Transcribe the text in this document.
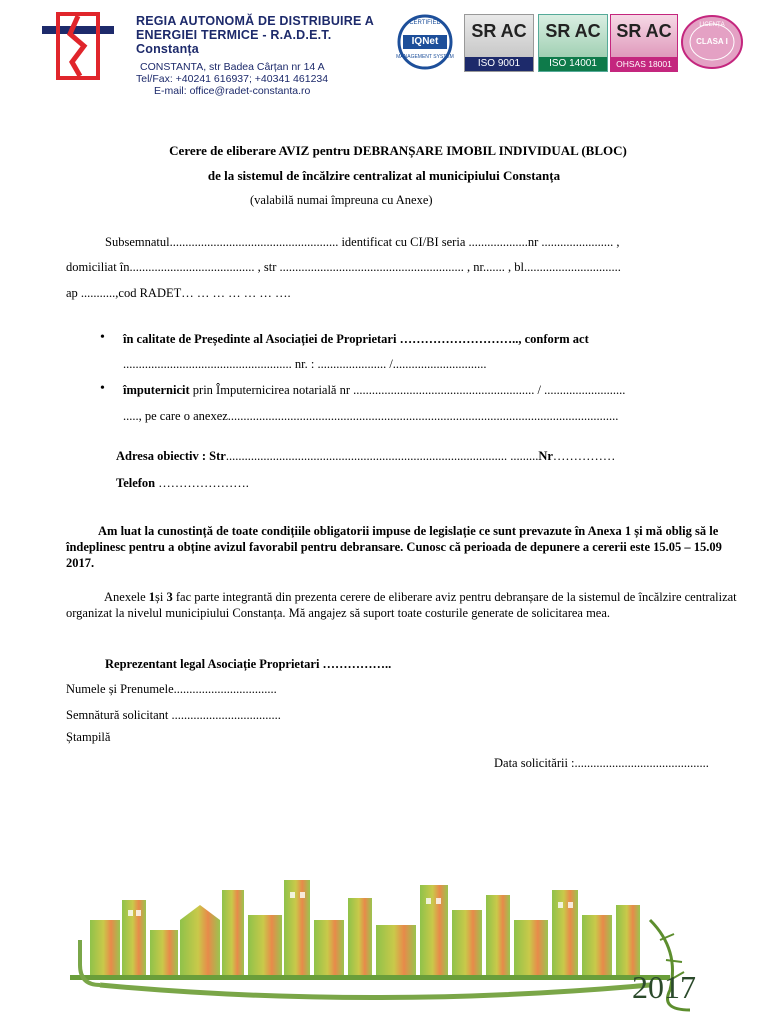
REGIA AUTONOMĂ DE DISTRIBUIRE A
ENERGIEI TERMICE - R.A.D.E.T. Constanța
CONSTANTA, str Badea Cârțan nr 14 A
Tel/Fax: +40241 616937; +40341 461234
E-mail: office@radet-constanta.ro
CERTIFIED
IQNet
MANAGEMENT SYSTEM
SR AC
ISO 9001
SR AC
ISO 14001
SR AC
OHSAS 18001
LICENȚA
CLASA I
Cerere de eliberare AVIZ pentru DEBRANȘARE IMOBIL INDIVIDUAL (BLOC)
de la sistemul de încălzire centralizat al municipiului Constanța
(valabilă numai împreuna cu Anexe)
Subsemnatul...................................................... identificat cu CI/BI seria ...................nr ....................... ,
domiciliat în........................................ , str ........................................................... , nr....... , bl...............................
ap ...........,cod RADET… … … … … … ….
• în calitate de Președinte al Asociației de Proprietari ……………………….., conform act
...................................................... nr. : ...................... /..............................
• împuternicit prin Împuternicirea notarială nr .......................................................... / ..........................
....., pe care o anexez.............................................................................................................................
Adresa obiectiv : Str.......................................................................................... .........Nr……………
Telefon ………………….
Am luat la cunostință de toate condițiile obligatorii impuse de legislație ce sunt prevazute în Anexa 1 și mă oblig să le îndeplinesc pentru a obține avizul favorabil pentru debransare. Cunosc că perioada de depunere a cererii este 15.05 – 15.09 2017.
Anexele 1și 3 fac parte integrantă din prezenta cerere de eliberare aviz pentru debranșare de la sistemul de încălzire centralizat organizat la nivelul municipiului Constanța. Mă angajez să suport toate costurile generate de solicitarea mea.
Reprezentant legal Asociație Proprietari ……………..
Numele și Prenumele.................................
Semnătură solicitant ...................................
Ștampilă
Data solicitării :...........................................
2017
